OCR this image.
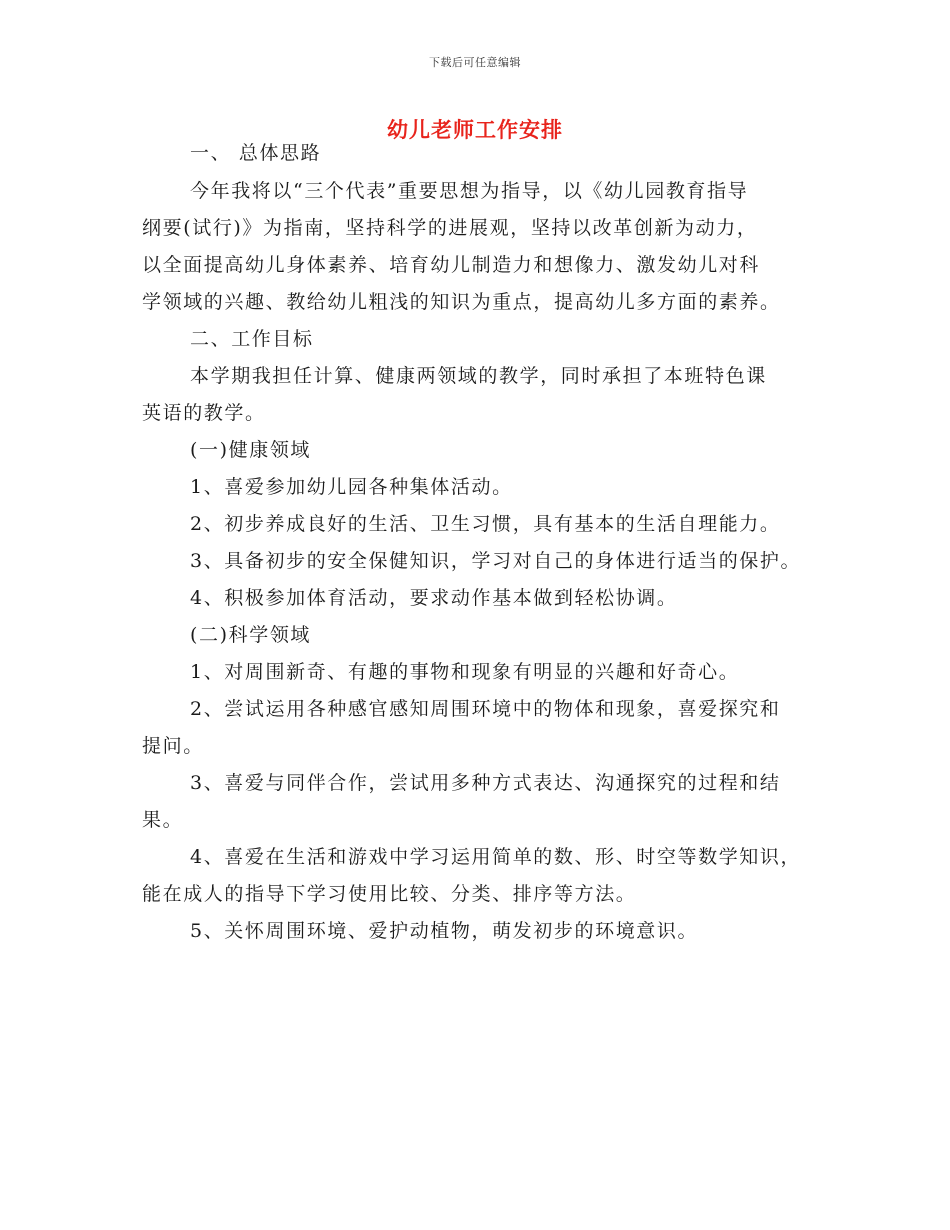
下载后可任意编辑
幼儿老师工作安排
一、 总体思路
今年我将以“三个代表”重要思想为指导，以《幼儿园教育指导
纲要(试行)》为指南，坚持科学的进展观，坚持以改革创新为动力，
以全面提高幼儿身体素养、培育幼儿制造力和想像力、激发幼儿对科
学领域的兴趣、教给幼儿粗浅的知识为重点，提高幼儿多方面的素养。
二、工作目标
本学期我担任计算、健康两领域的教学，同时承担了本班特色课
英语的教学。
(一)健康领域
1、喜爱参加幼儿园各种集体活动。
2、初步养成良好的生活、卫生习惯，具有基本的生活自理能力。
3、具备初步的安全保健知识，学习对自己的身体进行适当的保护。
4、积极参加体育活动，要求动作基本做到轻松协调。
(二)科学领域
1、对周围新奇、有趣的事物和现象有明显的兴趣和好奇心。
2、尝试运用各种感官感知周围环境中的物体和现象，喜爱探究和
提问。
3、喜爱与同伴合作，尝试用多种方式表达、沟通探究的过程和结
果。
4、喜爱在生活和游戏中学习运用简单的数、形、时空等数学知识，
能在成人的指导下学习使用比较、分类、排序等方法。
5、关怀周围环境、爱护动植物，萌发初步的环境意识。
